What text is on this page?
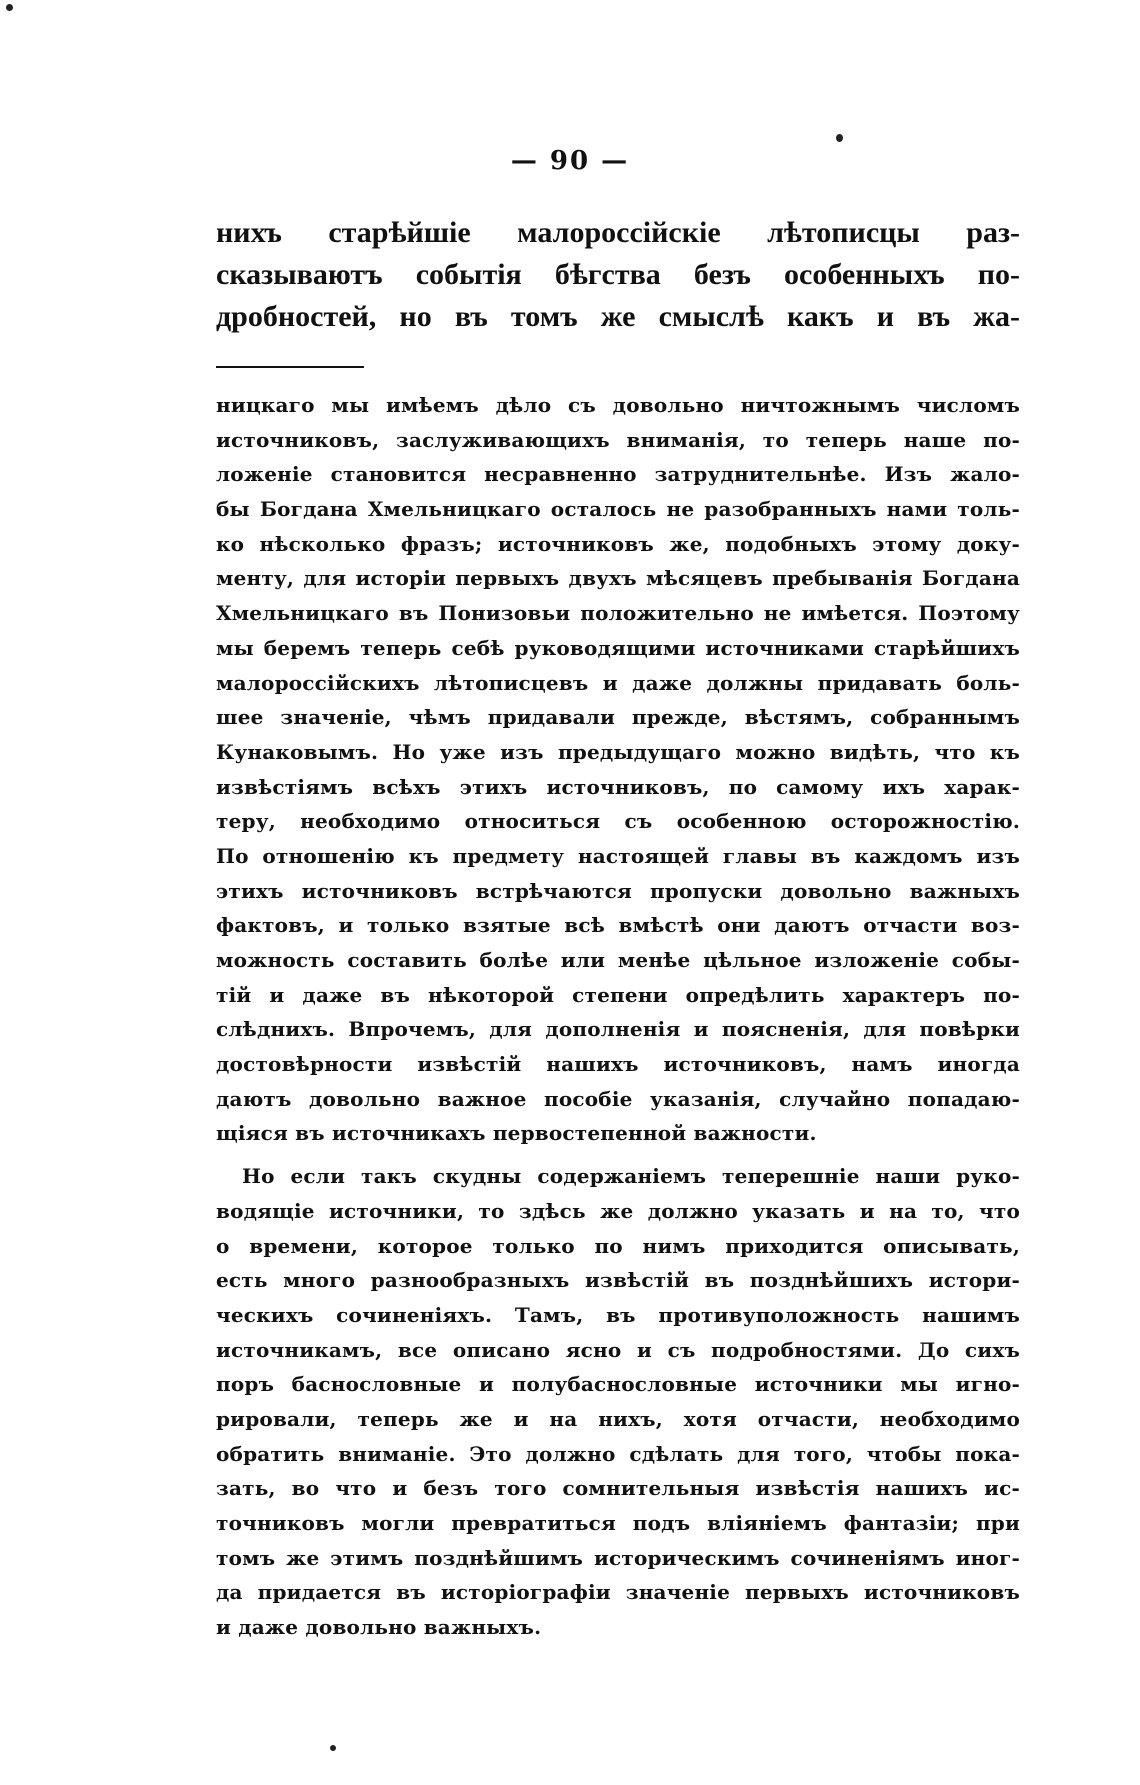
— 90 —
нихъ старѣйшіе малороссійскіе лѣтописцы раз-
сказываютъ событія бѣгства безъ особенныхъ по-
дробностей, но въ томъ же смыслѣ какъ и въ жа-
ницкаго мы имѣемъ дѣло съ довольно ничтожнымъ числомъ
источниковъ, заслуживающихъ вниманія, то теперь наше по-
ложеніе становится несравненно затруднительнѣе. Изъ жало-
бы Богдана Хмельницкаго осталось не разобранныхъ нами толь-
ко нѣсколько фразъ; источниковъ же, подобныхъ этому доку-
менту, для исторіи первыхъ двухъ мѣсяцевъ пребыванія Богдана
Хмельницкаго въ Понизовьи положительно не имѣется. Поэтому
мы беремъ теперь себѣ руководящими источниками старѣйшихъ
малороссійскихъ лѣтописцевъ и даже должны придавать боль-
шее значеніе, чѣмъ придавали прежде, вѣстямъ, собраннымъ
Кунаковымъ. Но уже изъ предыдущаго можно видѣть, что къ
извѣстіямъ всѣхъ этихъ источниковъ, по самому ихъ харак-
теру, необходимо относиться съ особенною осторожностію.
По отношенію къ предмету настоящей главы въ каждомъ изъ
этихъ источниковъ встрѣчаются пропуски довольно важныхъ
фактовъ, и только взятые всѣ вмѣстѣ они даютъ отчасти воз-
можность составить болѣе или менѣе цѣльное изложеніе собы-
тій и даже въ нѣкоторой степени опредѣлить характеръ по-
слѣднихъ. Впрочемъ, для дополненія и поясненія, для повѣрки
достовѣрности извѣстій нашихъ источниковъ, намъ иногда
даютъ довольно важное пособіе указанія, случайно попадаю-
щіяся въ источникахъ первостепенной важности.
Но если такъ скудны содержаніемъ теперешніе наши руко-
водящіе источники, то здѣсь же должно указать и на то, что
о времени, которое только по нимъ приходится описывать,
есть много разнообразныхъ извѣстій въ позднѣйшихъ истори-
ческихъ сочиненіяхъ. Тамъ, въ противуположность нашимъ
источникамъ, все описано ясно и съ подробностями. До сихъ
поръ баснословные и полубаснословные источники мы игно-
рировали, теперь же и на нихъ, хотя отчасти, необходимо
обратить вниманіе. Это должно сдѣлать для того, чтобы пока-
зать, во что и безъ того сомнительныя извѣстія нашихъ ис-
точниковъ могли превратиться подъ вліяніемъ фантазіи; при
томъ же этимъ позднѣйшимъ историческимъ сочиненіямъ иног-
да придается въ исторіографіи значеніе первыхъ источниковъ
и даже довольно важныхъ.
